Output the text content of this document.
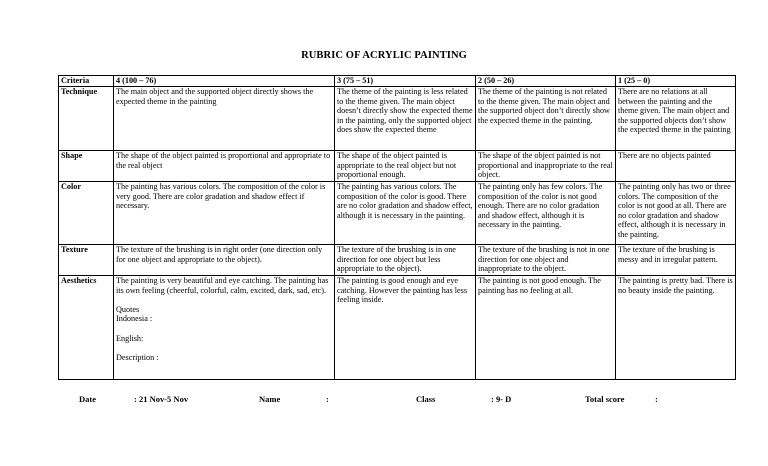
RUBRIC OF ACRYLIC PAINTING
Criteria	4 (100 – 76)	3 (75 – 51)	2 (50 – 26)	1 (25 – 0)
Technique	The main object and the supported object directly shows the expected theme in the painting	The theme of the painting is less related to the theme given. The main object doesn’t directly show the expected theme in the painting, only the supported object does show the expected theme	The theme of the painting is not related to the theme given. The main object and the supported object don’t directly show the expected theme in the painting.	There are no relations at all between the painting and the theme given. The main object and the supported objects don’t show the expected theme in the painting
Shape	The shape of the object painted is proportional and appropriate to the real object	The shape of the object painted is appropriate to the real object but not proportional enough.	The shape of the object painted is not proportional and inappropriate to the real object.	There are no objects painted
Color	The painting has various colors. The composition of the color is very good. There are color gradation and shadow effect if necessary.	The painting has various colors. The composition of the color is good. There are no color gradation and shadow effect, although it is necessary in the painting.	The painting only has few colors. The composition of the color is not good enough. There are no color gradation and shadow effect, although it is necessary in the painting.	The painting only has two or three colors. The composition of the color is not good at all. There are no color gradation and shadow effect, although it is necessary in the painting.
Texture	The texture of the brushing is in right order (one direction only for one object and appropriate to the object).	The texture of the brushing is in one direction for one object but less appropriate to the object).	The texture of the brushing is not in one direction for one object and inappropriate to the object.	The texture of the brushing is messy and in irregular pattern.
Aesthetics	The painting is very beautiful and eye catching. The painting has its own feeling (cheerful, colorful, calm, excited, dark, sad, etc).
Quotes
Indonesia :
English:
Description :	The painting is good enough and eye catching. However the painting has less feeling inside.	The painting is not good enough. The painting has no feeling at all.	The painting is pretty bad. There is no beauty inside the painting.
Date	: 21 Nov-5 Nov	Name	:	Class	: 9- D	Total score	:
